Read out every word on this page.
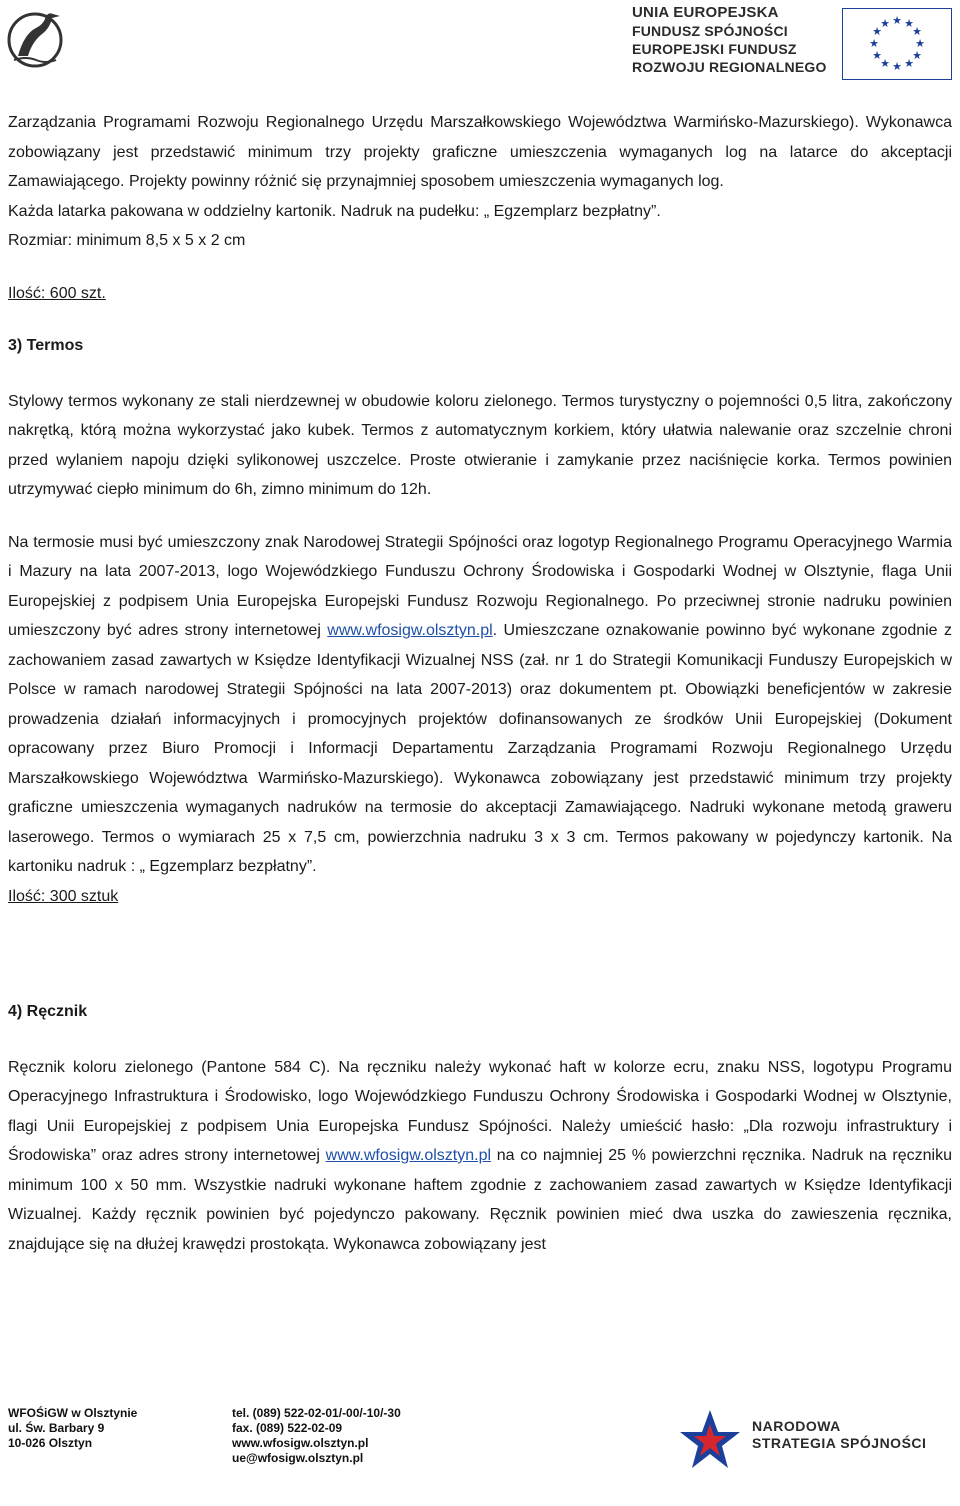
UNIA EUROPEJSKA
FUNDUSZ SPÓJNOŚCI
EUROPEJSKI FUNDUSZ
ROZWOJU REGIONALNEGO
★ ★
★
★
★
★
★
★
★
★
★
★

Zarządzania Programami Rozwoju Regionalnego Urzędu Marszałkowskiego Województwa Warmińsko-Mazurskiego). Wykonawca zobowiązany jest przedstawić minimum trzy projekty graficzne umieszczenia wymaganych log na latarce do akceptacji Zamawiającego. Projekty powinny różnić się przynajmniej sposobem umieszczenia wymaganych log.

Każda latarka pakowana w oddzielny kartonik. Nadruk na pudełku: „ Egzemplarz bezpłatny”.

Rozmiar: minimum 8,5 x 5 x 2 cm

Ilość: 600 szt.

3) Termos

Stylowy termos wykonany ze stali nierdzewnej w obudowie koloru zielonego. Termos turystyczny o pojemności 0,5 litra, zakończony nakrętką, którą można wykorzystać jako kubek. Termos z automatycznym korkiem, który ułatwia nalewanie oraz szczelnie chroni przed wylaniem napoju dzięki sylikonowej uszczelce. Proste otwieranie i zamykanie przez naciśnięcie korka. Termos powinien utrzymywać ciepło minimum do 6h, zimno minimum do 12h.

Na termosie musi być umieszczony znak Narodowej Strategii Spójności oraz logotyp Regionalnego Programu Operacyjnego Warmia i Mazury na lata 2007-2013, logo Wojewódzkiego Funduszu Ochrony Środowiska i Gospodarki Wodnej w Olsztynie, flaga Unii Europejskiej z podpisem Unia Europejska Europejski Fundusz Rozwoju Regionalnego. Po przeciwnej stronie nadruku powinien umieszczony być adres strony internetowej www.wfosigw.olsztyn.pl. Umieszczane oznakowanie powinno być wykonane zgodnie z zachowaniem zasad zawartych w Księdze Identyfikacji Wizualnej NSS (zał. nr 1 do Strategii Komunikacji Funduszy Europejskich w Polsce w ramach narodowej Strategii Spójności na lata 2007-2013) oraz dokumentem pt. Obowiązki beneficjentów w zakresie prowadzenia działań informacyjnych i promocyjnych projektów dofinansowanych ze środków Unii Europejskiej (Dokument opracowany przez Biuro Promocji i Informacji Departamentu Zarządzania Programami Rozwoju Regionalnego Urzędu Marszałkowskiego Województwa Warmińsko-Mazurskiego). Wykonawca zobowiązany jest przedstawić minimum trzy projekty graficzne umieszczenia wymaganych nadruków na termosie do akceptacji Zamawiającego. Nadruki wykonane metodą graweru laserowego. Termos o wymiarach 25 x 7,5 cm, powierzchnia nadruku 3 x 3 cm. Termos pakowany w pojedynczy kartonik. Na kartoniku nadruk : „ Egzemplarz bezpłatny”.

Ilość: 300 sztuk

4) Ręcznik

Ręcznik koloru zielonego (Pantone 584 C). Na ręczniku należy wykonać haft w kolorze ecru, znaku NSS, logotypu Programu Operacyjnego Infrastruktura i Środowisko, logo Wojewódzkiego Funduszu Ochrony Środowiska i Gospodarki Wodnej w Olsztynie, flagi Unii Europejskiej z podpisem Unia Europejska Fundusz Spójności. Należy umieścić hasło: „Dla rozwoju infrastruktury i Środowiska” oraz adres strony internetowej www.wfosigw.olsztyn.pl na co najmniej 25 % powierzchni ręcznika. Nadruk na ręczniku minimum 100 x 50 mm. Wszystkie nadruki wykonane haftem zgodnie z zachowaniem zasad zawartych w Księdze Identyfikacji Wizualnej. Każdy ręcznik powinien być pojedynczo pakowany. Ręcznik powinien mieć dwa uszka do zawieszenia ręcznika, znajdujące się na dłużej krawędzi prostokąta. Wykonawca zobowiązany jest

WFOŚiGW w Olsztynie
ul. Św. Barbary 9
10-026 Olsztyn
tel. (089) 522-02-01/-00/-10/-30
fax. (089) 522-02-09
www.wfosigw.olsztyn.pl
ue@wfosigw.olsztyn.pl
NARODOWA
STRATEGIA SPÓJNOŚCI
